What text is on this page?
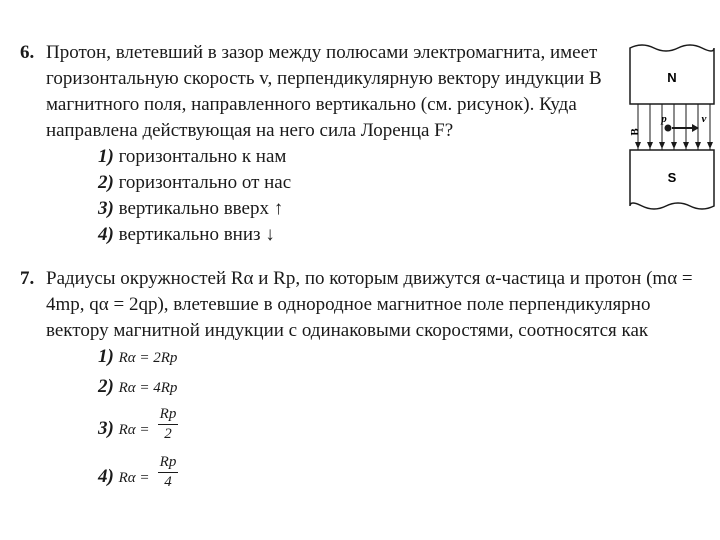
6. Протон, влетевший в зазор между полюсами электромагнита, имеет
горизонтальную скорость v, перпендикулярную вектору индукции B
магнитного поля, направленного вертикально (см. рисунок). Куда
направлена действующая на него сила Лоренца F?
1) горизонтально к нам
2) горизонтально от нас
3) вертикально вверх ↑
4) вертикально вниз ↓
N
S
p	v
B
7. Радиусы окружностей Rα и Rp, по которым движутся α-частица и протон (mα =
4mp, qα = 2qp), влетевшие в однородное магнитное поле перпендикулярно
вектору магнитной индукции с одинаковыми скоростями, соотносятся как
1) Rα = 2Rp
2) Rα = 4Rp
3) Rα =
Rp
2
4) Rα =
Rp
4
